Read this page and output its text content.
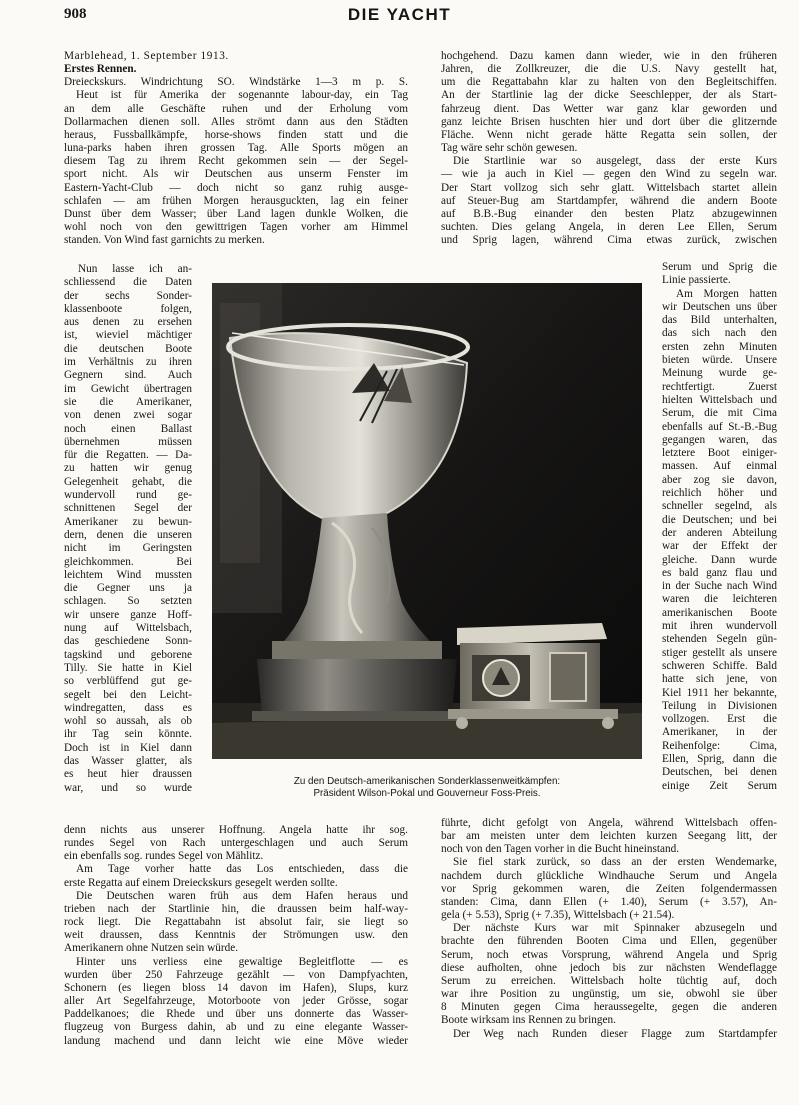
908	DIE YACHT
Marblehead, 1. September 1913.
Erstes Rennen.
Dreieckskurs. Windrichtung SO. Windstärke 1—3 m p. S.
Heut ist für Amerika der sogenannte labour-day, ein Tag
an dem alle Geschäfte ruhen und der Erholung vom
Dollarmachen dienen soll. Alles strömt dann aus den Städten
heraus, Fussballkämpfe, horse-shows finden statt und die
luna-parks haben ihren grossen Tag. Alle Sports mögen an
diesem Tag zu ihrem Recht gekommen sein — der Segel-
sport nicht. Als wir Deutschen aus unserm Fenster im
Eastern-Yacht-Club — doch nicht so ganz ruhig ausge-
schlafen — am frühen Morgen herausguckten, lag ein feiner
Dunst über dem Wasser; über Land lagen dunkle Wolken, die
wohl noch von den gewittrigen Tagen vorher am Himmel
standen. Von Wind fast garnichts zu merken.
Nun lasse ich an-
schliessend die Daten
der sechs Sonder-
klassenboote folgen,
aus denen zu ersehen
ist, wieviel mächtiger
die deutschen Boote
im Verhältnis zu ihren
Gegnern sind. Auch
im Gewicht übertragen
sie die Amerikaner,
von denen zwei sogar
noch einen Ballast
übernehmen müssen
für die Regatten. — Da-
zu hatten wir genug
Gelegenheit gehabt, die
wundervoll rund ge-
schnittenen Segel der
Amerikaner zu bewun-
dern, denen die unseren
nicht im Geringsten
gleichkommen. Bei
leichtem Wind mussten
die Gegner uns ja
schlagen. So setzten
wir unsere ganze Hoff-
nung auf Wittelsbach,
das geschiedene Sonn-
tagskind und geborene
Tilly. Sie hatte in Kiel
so verblüffend gut ge-
segelt bei den Leicht-
windregatten, dass es
wohl so aussah, als ob
ihr Tag sein könnte.
Doch ist in Kiel dann
das Wasser glatter, als
es heut hier draussen
war, und so wurde
denn nichts aus unserer Hoffnung. Angela hatte ihr sog.
rundes Segel von Rach untergeschlagen und auch Serum
ein ebenfalls sog. rundes Segel von Mählitz.
Am Tage vorher hatte das Los entschieden, dass die
erste Regatta auf einem Dreieckskurs gesegelt werden sollte.
Die Deutschen waren früh aus dem Hafen heraus und
trieben nach der Startlinie hin, die draussen beim half-way-
rock liegt. Die Regattabahn ist absolut fair, sie liegt so
weit draussen, dass Kenntnis der Strömungen usw. den
Amerikanern ohne Nutzen sein würde.
Hinter uns verliess eine gewaltige Begleitflotte — es
wurden über 250 Fahrzeuge gezählt — von Dampfyachten,
Schonern (es liegen bloss 14 davon im Hafen), Slups, kurz
aller Art Segelfahrzeuge, Motorboote von jeder Grösse, sogar
Paddelkanoes; die Rhede und über uns donnerte das Wasser-
flugzeug von Burgess dahin, ab und zu eine elegante Wasser-
landung machend und dann leicht wie eine Möve wieder
hochgehend. Dazu kamen dann wieder, wie in den früheren
Jahren, die Zollkreuzer, die die U.S. Navy gestellt hat,
um die Regattabahn klar zu halten von den Begleitschiffen.
An der Startlinie lag der dicke Seeschlepper, der als Start-
fahrzeug dient. Das Wetter war ganz klar geworden und
ganz leichte Brisen huschten hier und dort über die glitzernde
Fläche. Wenn nicht gerade hätte Regatta sein sollen, der
Tag wäre sehr schön gewesen.
Die Startlinie war so ausgelegt, dass der erste Kurs
— wie ja auch in Kiel — gegen den Wind zu segeln war.
Der Start vollzog sich sehr glatt. Wittelsbach startet allein
auf Steuer-Bug am Startdampfer, während die andern Boote
auf B.B.-Bug einander den besten Platz abzugewinnen
suchten. Dies gelang Angela, in deren Lee Ellen, Serum
und Sprig lagen, während Cima etwas zurück, zwischen
Serum und Sprig die
Linie passierte.
Am Morgen hatten
wir Deutschen uns über
das Bild unterhalten,
das sich nach den
ersten zehn Minuten
bieten würde. Unsere
Meinung wurde ge-
rechtfertigt. Zuerst
hielten Wittelsbach und
Serum, die mit Cima
ebenfalls auf St.-B.-Bug
gegangen waren, das
letztere Boot einiger-
massen. Auf einmal
aber zog sie davon,
reichlich höher und
schneller segelnd, als
die Deutschen; und bei
der anderen Abteilung
war der Effekt der
gleiche. Dann wurde
es bald ganz flau und
in der Suche nach Wind
waren die leichteren
amerikanischen Boote
mit ihren wundervoll
stehenden Segeln gün-
stiger gestellt als unsere
schweren Schiffe. Bald
hatte sich jene, von
Kiel 1911 her bekannte,
Teilung in Divisionen
vollzogen. Erst die
Amerikaner, in der
Reihenfolge: Cima,
Ellen, Sprig, dann die
Deutschen, bei denen
einige Zeit Serum
führte, dicht gefolgt von Angela, während Wittelsbach offen-
bar am meisten unter dem leichten kurzen Seegang litt, der
noch von den Tagen vorher in die Bucht hineinstand.
Sie fiel stark zurück, so dass an der ersten Wendemarke,
nachdem durch glückliche Windhauche Serum und Angela
vor Sprig gekommen waren, die Zeiten folgendermassen
standen: Cima, dann Ellen (+ 1.40), Serum (+ 3.57), An-
gela (+ 5.53), Sprig (+ 7.35), Wittelsbach (+ 21.54).
Der nächste Kurs war mit Spinnaker abzusegeln und
brachte den führenden Booten Cima und Ellen, gegenüber
Serum, noch etwas Vorsprung, während Angela und Sprig
diese aufholten, ohne jedoch bis zur nächsten Wendeflagge
Serum zu erreichen. Wittelsbach holte tüchtig auf, doch
war ihre Position zu ungünstig, um sie, obwohl sie über
8 Minuten gegen Cima heraussegelte, gegen die anderen
Boote wirksam ins Rennen zu bringen.
Der Weg nach Runden dieser Flagge zum Startdampfer
Zu den Deutsch-amerikanischen Sonderklassenweitkämpfen:
Präsident Wilson-Pokal und Gouverneur Foss-Preis.
